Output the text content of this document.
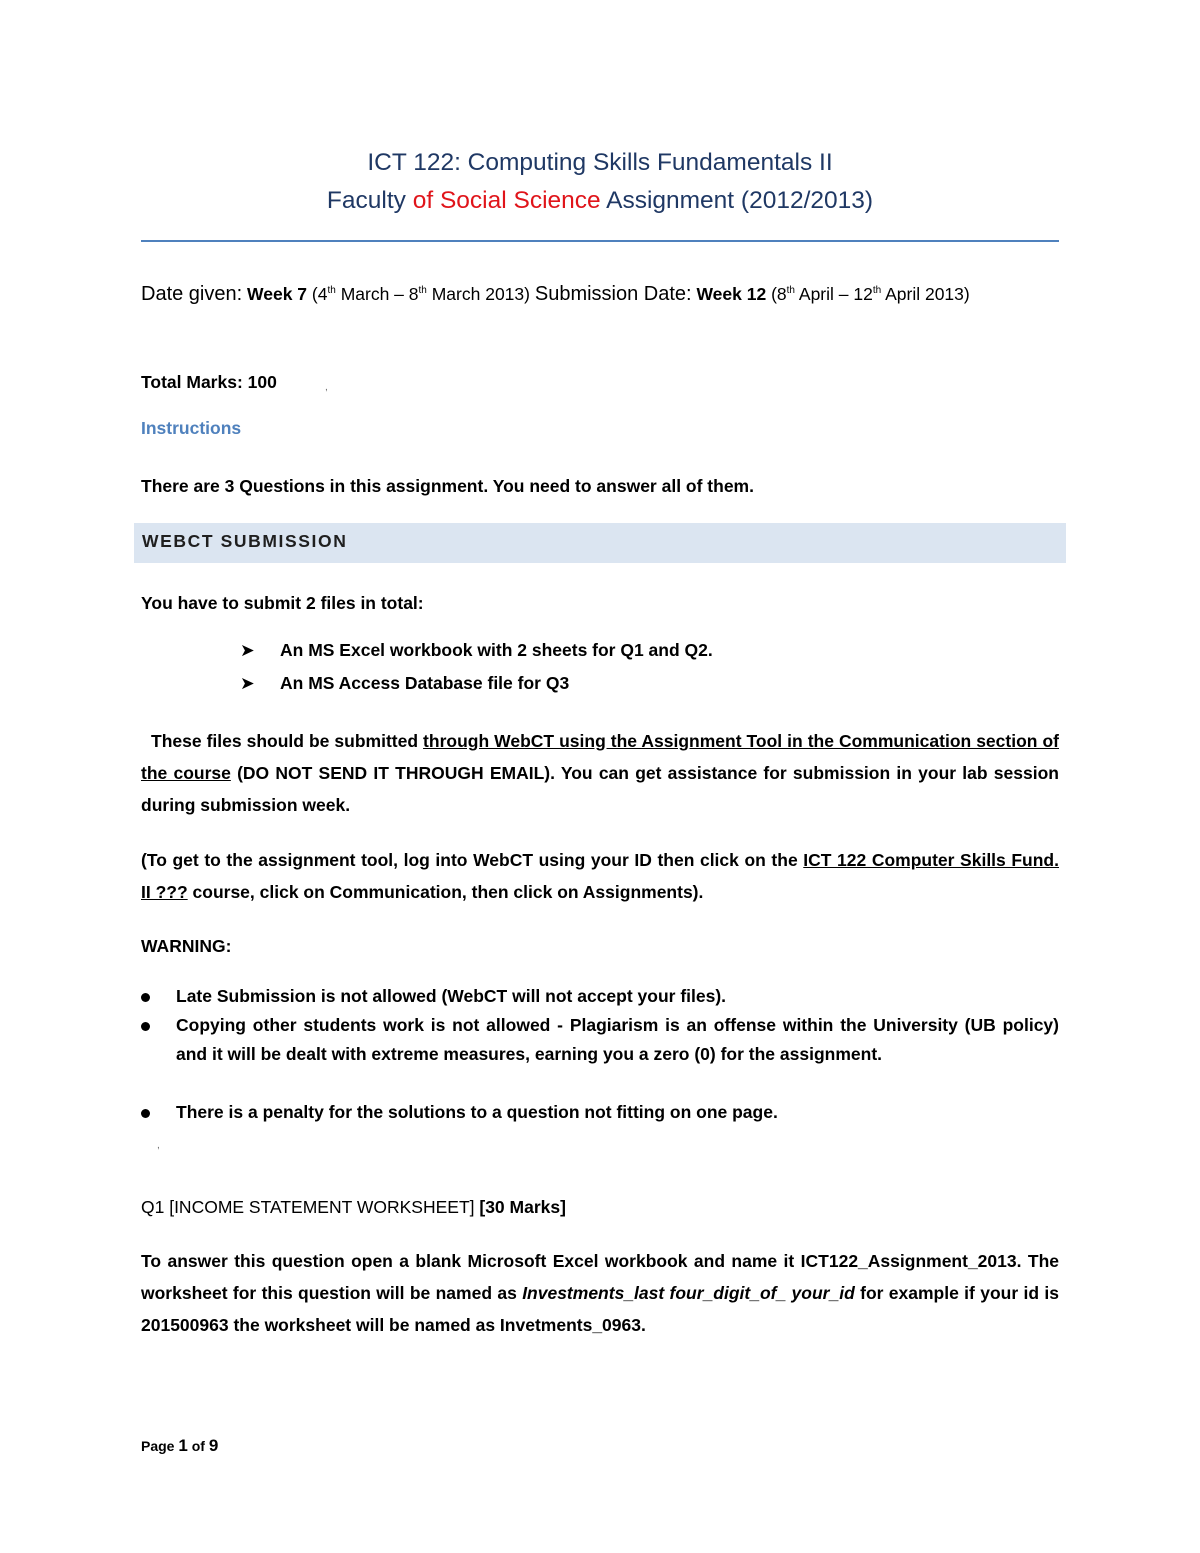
ICT 122: Computing Skills Fundamentals II
Faculty of Social Science Assignment (2012/2013)
Date given: Week 7 (4th March – 8th March 2013) Submission Date: Week 12 (8th April – 12th April 2013)
Total Marks: 100	,
Instructions
There are 3 Questions in this assignment. You need to answer all of them.
WEBCT SUBMISSION
You have to submit 2 files in total:
➤ An MS Excel workbook with 2 sheets for Q1 and Q2.
➤ An MS Access Database file for Q3
These files should be submitted through WebCT using the Assignment Tool in the Communication section of the course (DO NOT SEND IT THROUGH EMAIL). You can get assistance for submission in your lab session during submission week.
(To get to the assignment tool, log into WebCT using your ID then click on the ICT 122 Computer Skills Fund. II ??? course, click on Communication, then click on Assignments).
WARNING:
Late Submission is not allowed (WebCT will not accept your files).
Copying other students work is not allowed - Plagiarism is an offense within the University (UB policy) and it will be dealt with extreme measures, earning you a zero (0) for the assignment.
There is a penalty for the solutions to a question not fitting on one page.
,
Q1 [INCOME STATEMENT WORKSHEET] [30 Marks]
To answer this question open a blank Microsoft Excel workbook and name it ICT122_Assignment_2013. The worksheet for this question will be named as Investments_last four_digit_of_ your_id for example if your id is 201500963 the worksheet will be named as Invetments_0963.
Page 1 of 9
